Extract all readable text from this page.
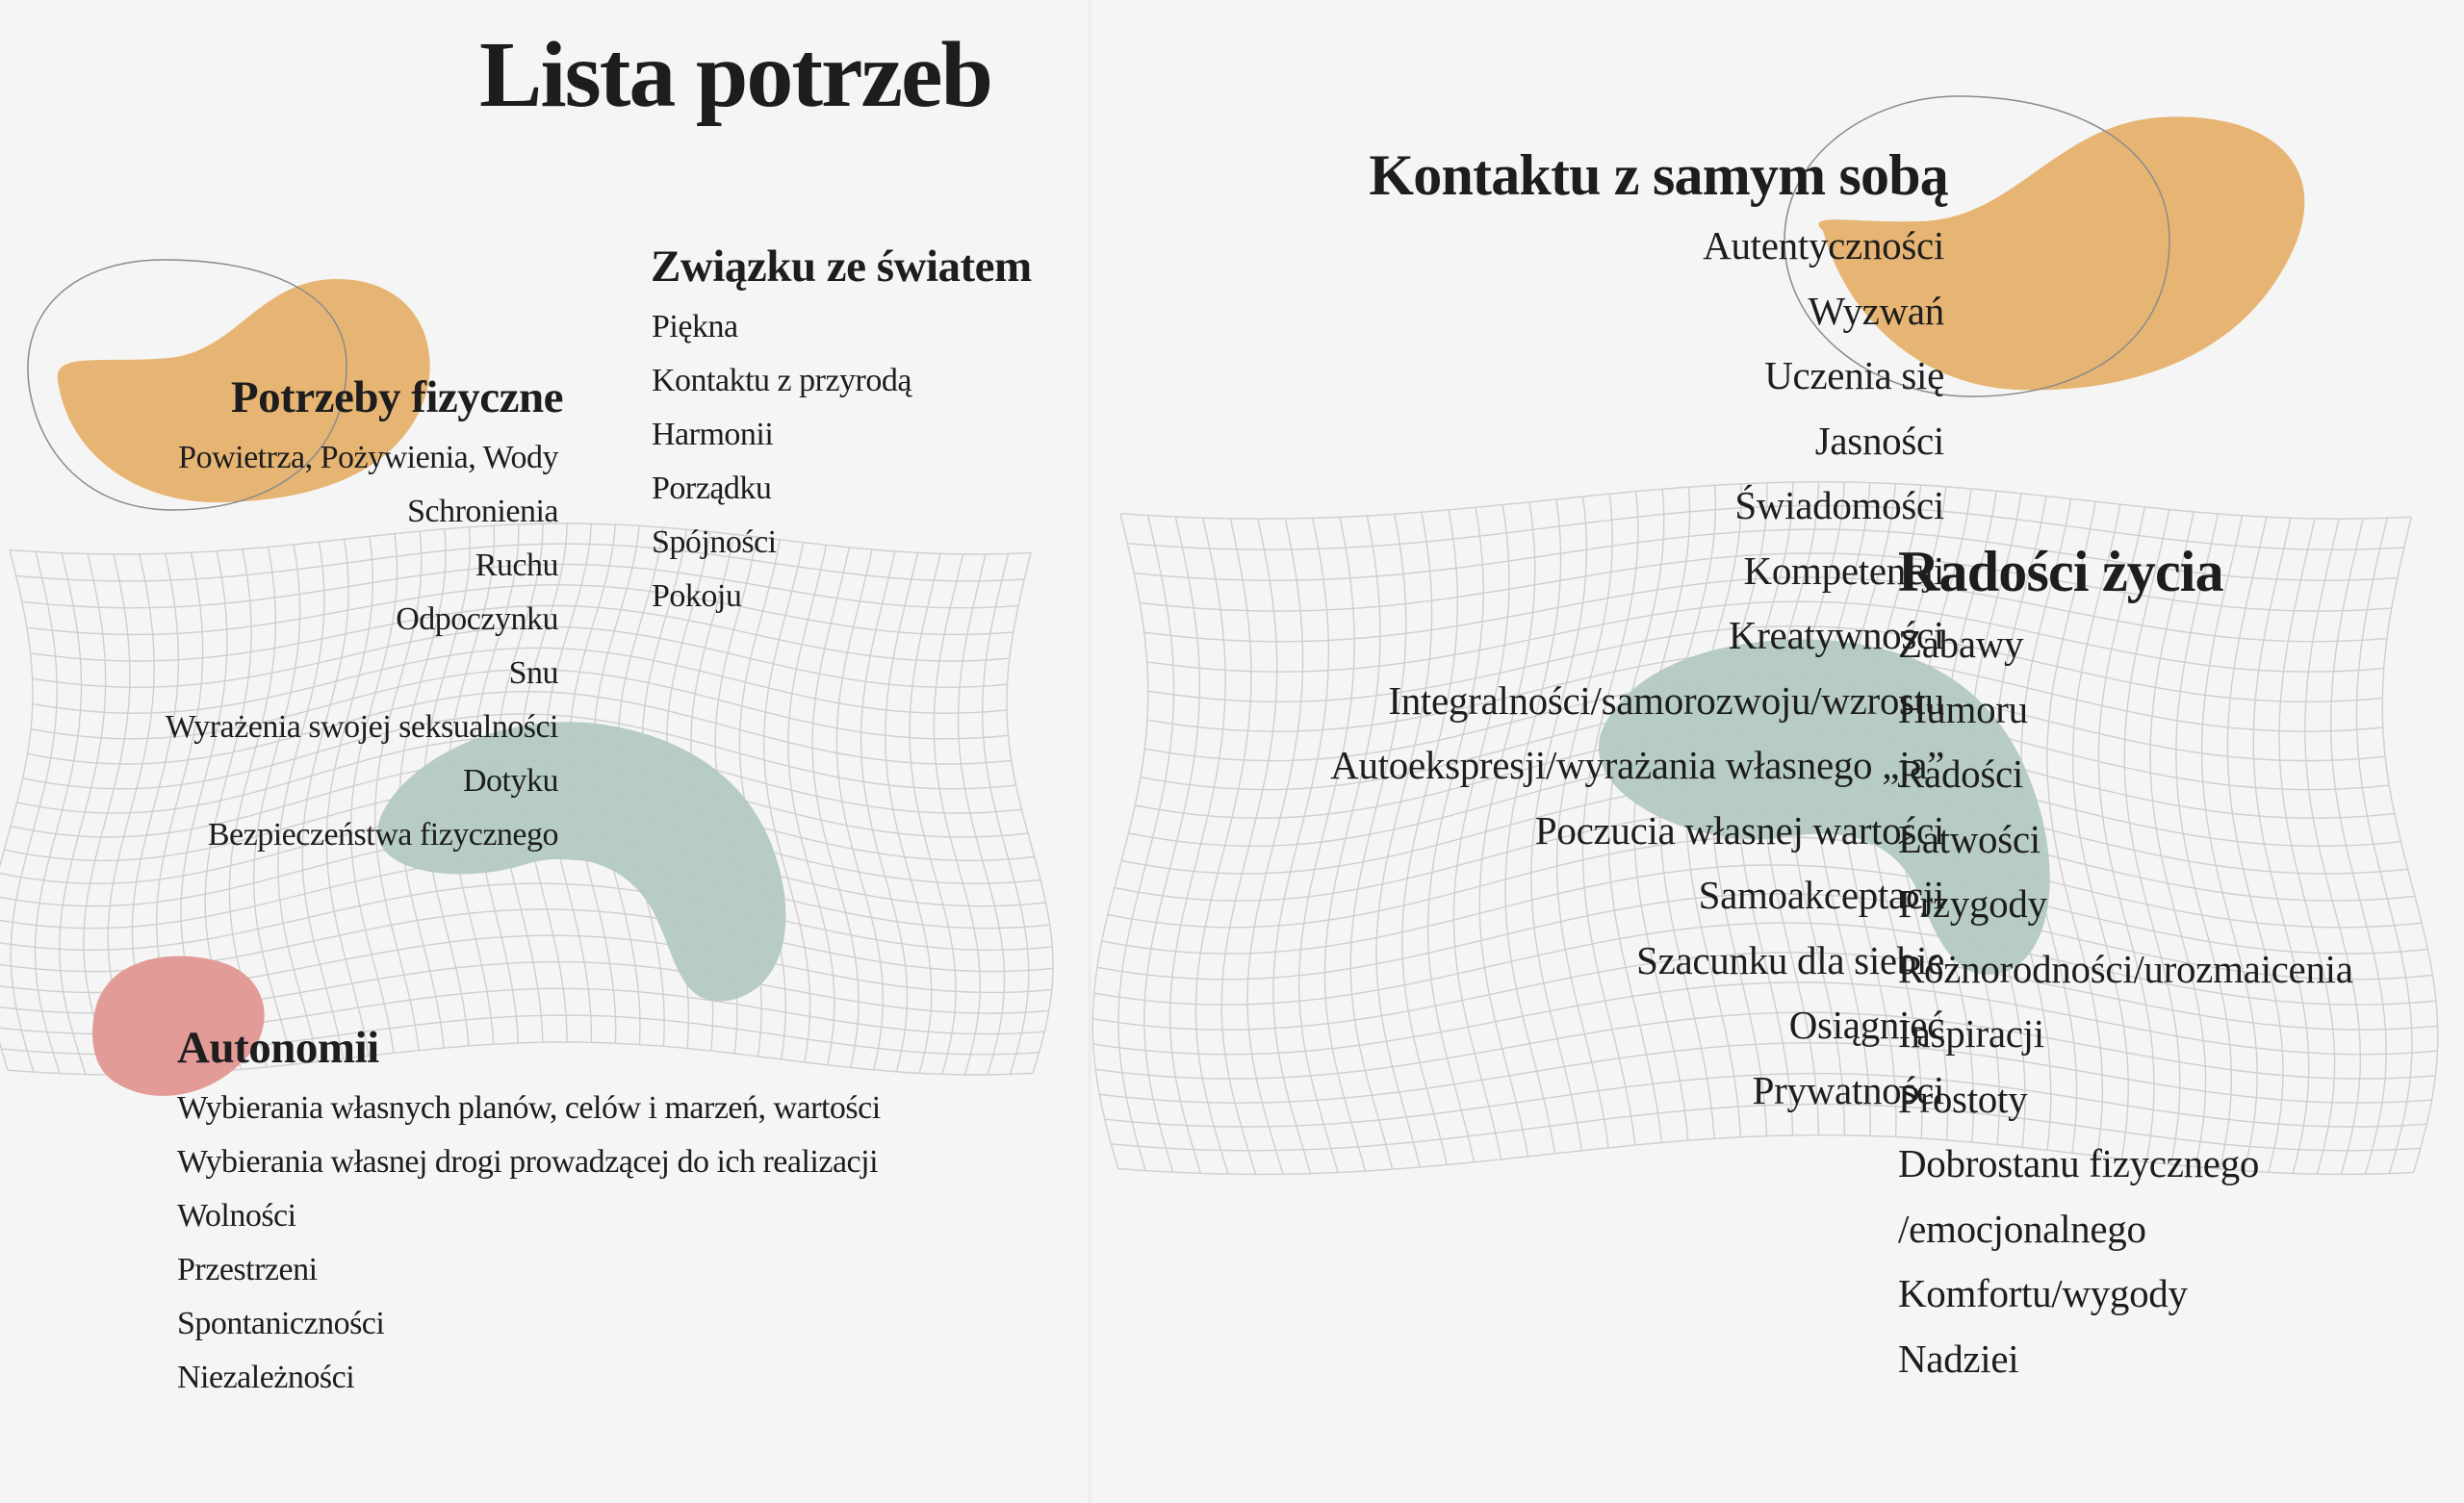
Lista potrzeb
Potrzeby fizyczne
Powietrza, Pożywienia, Wody
Schronienia
Ruchu
Odpoczynku
Snu
Wyrażenia swojej seksualności
Dotyku
Bezpieczeństwa fizycznego
Związku ze światem
Piękna
Kontaktu z przyrodą
Harmonii
Porządku
Spójności
Pokoju
Autonomii
Wybierania własnych planów, celów i marzeń, wartości
Wybierania własnej drogi prowadzącej do ich realizacji
Wolności
Przestrzeni
Spontaniczności
Niezależności
Kontaktu z samym sobą
Autentyczności
Wyzwań
Uczenia się
Jasności
Świadomości
Kompetencji
Kreatywności
Integralności/samorozwoju/wzrostu
Autoekspresji/wyrażania własnego „ja”
Poczucia własnej wartości
Samoakceptacji
Szacunku dla siebie
Osiągnięć
Prywatności
Radości życia
Zabawy
Humoru
Radości
Łatwości
Przygody
Różnorodności/urozmaicenia
Inspiracji
Prostoty
Dobrostanu fizycznego
/emocjonalnego
Komfortu/wygody
Nadziei
